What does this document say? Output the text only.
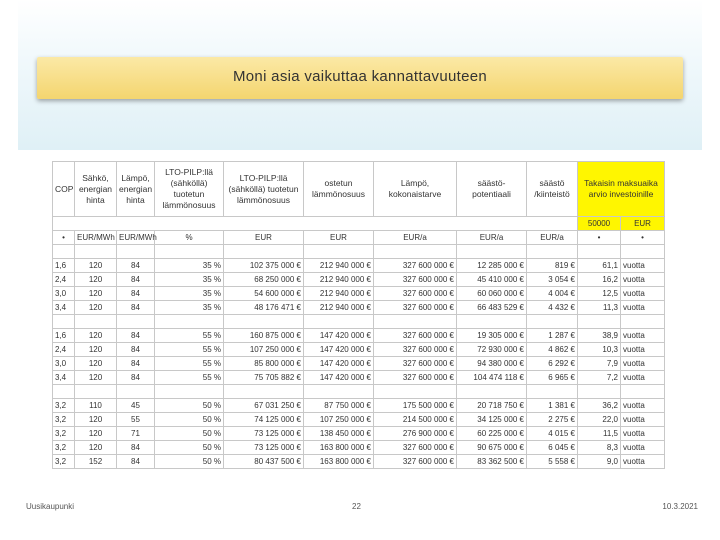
Moni asia vaikuttaa kannattavuuteen
COP	Sähkö, energian hinta	Lämpö, energian hinta	LTO-PILP:llä (sähköllä) tuotetun lämmönosuus	LTO-PILP:llä (sähköllä) tuotetun lämmönosuus	ostetun lämmönosuus	Lämpö, kokonaistarve	säästö-potentiaali	säästö /kiinteistö	Takaisin maksuaika arvio investoinille	
									50000	EUR
•	EUR/MWh	EUR/MWh	%	EUR	EUR	EUR/a	EUR/a	EUR/a	•	•

1,6	120	84	35 %	102 375 000 €	212 940 000 €	327 600 000 €	12 285 000 €	819 €	61,1	vuotta
2,4	120	84	35 %	68 250 000 €	212 940 000 €	327 600 000 €	45 410 000 €	3 054 €	16,2	vuotta
3,0	120	84	35 %	54 600 000 €	212 940 000 €	327 600 000 €	60 060 000 €	4 004 €	12,5	vuotta
3,4	120	84	35 %	48 176 471 €	212 940 000 €	327 600 000 €	66 483 529 €	4 432 €	11,3	vuotta

1,6	120	84	55 %	160 875 000 €	147 420 000 €	327 600 000 €	19 305 000 €	1 287 €	38,9	vuotta
2,4	120	84	55 %	107 250 000 €	147 420 000 €	327 600 000 €	72 930 000 €	4 862 €	10,3	vuotta
3,0	120	84	55 %	85 800 000 €	147 420 000 €	327 600 000 €	94 380 000 €	6 292 €	7,9	vuotta
3,4	120	84	55 %	75 705 882 €	147 420 000 €	327 600 000 €	104 474 118 €	6 965 €	7,2	vuotta

3,2	110	45	50 %	67 031 250 €	87 750 000 €	175 500 000 €	20 718 750 €	1 381 €	36,2	vuotta
3,2	120	55	50 %	74 125 000 €	107 250 000 €	214 500 000 €	34 125 000 €	2 275 €	22,0	vuotta
3,2	120	71	50 %	73 125 000 €	138 450 000 €	276 900 000 €	60 225 000 €	4 015 €	11,5	vuotta
3,2	120	84	50 %	73 125 000 €	163 800 000 €	327 600 000 €	90 675 000 €	6 045 €	8,3	vuotta
3,2	152	84	50 %	80 437 500 €	163 800 000 €	327 600 000 €	83 362 500 €	5 558 €	9,0	vuotta
Uusikaupunki	22	10.3.2021
